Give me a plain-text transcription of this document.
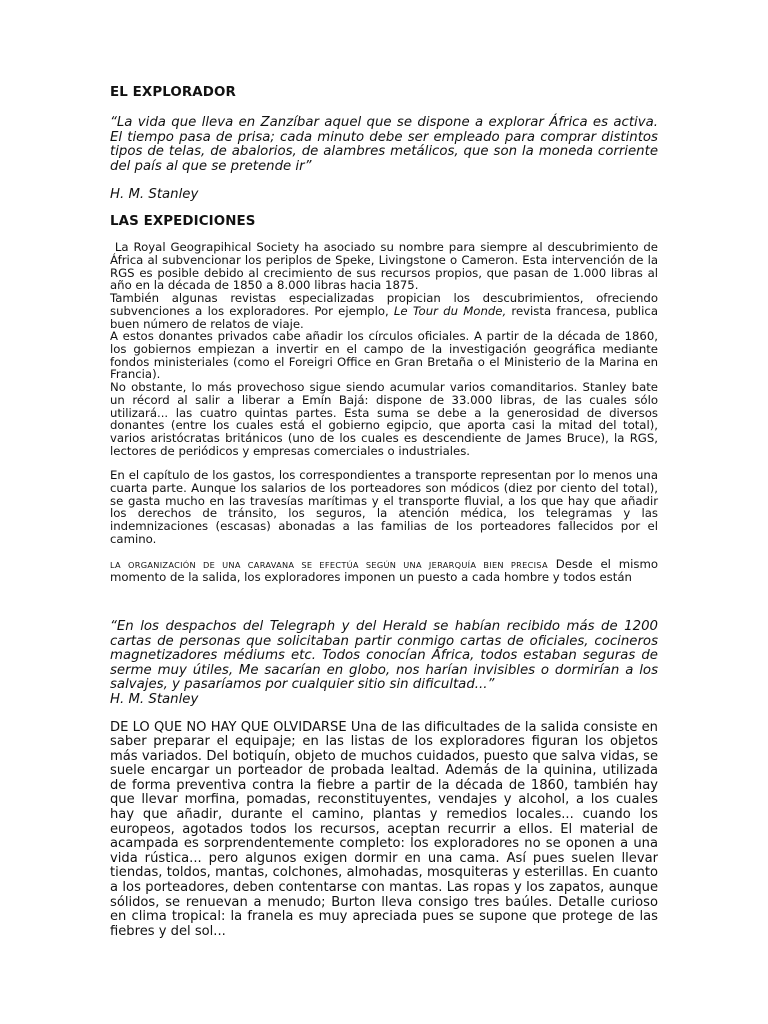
EL EXPLORADOR

“La vida que lleva en Zanzíbar aquel que se dispone a explorar África es activa. El tiempo pasa de prisa; cada minuto debe ser empleado para comprar distintos tipos de telas, de abalorios, de alambres metálicos, que son la moneda corriente del país al que se pretende ir”

H. M. Stanley

LAS EXPEDICIONES

La Royal Geograpihical Society ha asociado su nombre para siempre al descubrimiento de África al subvencionar los periplos de Speke, Livingstone o Cameron. Esta intervención de la RGS es posible debido al crecimiento de sus recursos propios, que pasan de 1.000 libras al año en la década de 1850 a 8.000 libras hacia 1875.

También algunas revistas especializadas propician los descubrimientos, ofreciendo subvenciones a los exploradores. Por ejemplo, Le Tour du Monde, revista francesa, publica buen número de relatos de viaje.

A estos donantes privados cabe añadir los círculos oficiales. A partir de la década de 1860, los gobiernos empiezan a invertir en el campo de la investigación geográfica mediante fondos ministeriales (como el Foreigri Office en Gran Bretaña o el Ministerio de la Marina en Francia).

No obstante, lo más provechoso sigue siendo acumular varios comanditarios. Stanley bate un récord al salir a liberar a Emín Bajá: dispone de 33.000 libras, de las cuales sólo utilizará... las cuatro quintas partes. Esta suma se debe a la generosidad de diversos donantes (entre los cuales está el gobierno egipcio, que aporta casi la mitad del total), varios aristócratas británicos (uno de los cuales es descendiente de James Bruce), la RGS, lectores de periódicos y empresas comerciales o industriales.

En el capítulo de los gastos, los correspondientes a transporte representan por lo menos una cuarta parte. Aunque los salarios de los porteadores son módicos (diez por ciento del total), se gasta mucho en las travesías marítimas y el transporte fluvial, a los que hay que añadir los derechos de tránsito, los seguros, la atención médica, los telegramas y las indemnizaciones (escasas) abonadas a las familias de los porteadores fallecidos por el camino.

LA ORGANIZACIÓN DE UNA CARAVANA SE EFECTÚA SEGÚN UNA JERARQUÍA BIEN PRECISA Desde el mismo momento de la salida, los exploradores imponen un puesto a cada hombre y todos están

“En los despachos del Telegraph y del Herald se habían recibido más de 1200 cartas de personas que solicitaban partir conmigo cartas de oficiales, cocineros magnetizadores médiums etc. Todos conocían África, todos estaban seguras de serme muy útiles, Me sacarían en globo, nos harían invisibles o dormirían a los salvajes, y pasaríamos por cualquier sitio sin dificultad...”

H. M. Stanley

DE LO QUE NO HAY QUE OLVIDARSE Una de las dificultades de la salida consiste en saber preparar el equipaje; en las listas de los exploradores figuran los objetos más variados. Del botiquín, objeto de muchos cuidados, puesto que salva vidas, se suele encargar un porteador de probada lealtad. Además de la quinina, utilizada de forma preventiva contra la fiebre a partir de la década de 1860, también hay que llevar morfina, pomadas, reconstituyentes, vendajes y alcohol, a los cuales hay que añadir, durante el camino, plantas y remedios locales... cuando los europeos, agotados todos los recursos, aceptan recurrir a ellos. El material de acampada es sorprendentemente completo: los exploradores no se oponen a una vida rústica... pero algunos exigen dormir en una cama. Así pues suelen llevar tiendas, toldos, mantas, colchones, almohadas, mosquiteras y esterillas. En cuanto a los porteadores, deben contentarse con mantas. Las ropas y los zapatos, aunque sólidos, se renuevan a menudo; Burton lleva consigo tres baúles. Detalle curioso en clima tropical: la franela es muy apreciada pues se supone que protege de las fiebres y del sol...
